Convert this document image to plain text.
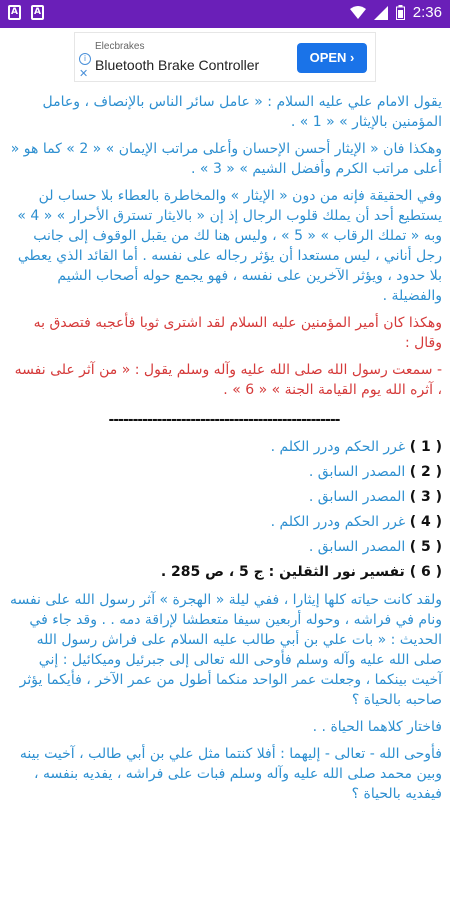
A	A	2:36
i
✕
Elecbrakes
Bluetooth Brake Controller	OPEN ›

يقول الامام علي عليه السلام : « عامل سائر الناس بالإنصاف ، وعامل المؤمنين بالإيثار » « 1 » .

وهكذا فان « الإيثار أحسن الإحسان وأعلى مراتب الإيمان » « 2 » كما هو « أعلى مراتب الكرم وأفضل الشيم » « 3 » .

وفي الحقيقة فإنه من دون « الإيثار » والمخاطرة بالعطاء بلا حساب لن يستطيع أحد أن يملك قلوب الرجال إذ إن « بالايثار تسترق الأحرار » « 4 » وبه « تملك الرقاب » « 5 » ، وليس هنا لك من يقبل الوقوف إلى جانب رجل أناني ، ليس مستعدا أن يؤثر رجاله على نفسه . أما القائد الذي يعطي بلا حدود ، ويؤثر الآخرين على نفسه ، فهو يجمع حوله أصحاب الشيم والفضيلة .

وهكذا كان أمير المؤمنين عليه السلام لقد اشترى ثوبا فأعجبه فتصدق به وقال :

- سمعت رسول الله صلى الله عليه وآله وسلم يقول : « من آثر على نفسه ، آثره الله يوم القيامة الجنة » « 6 » .

------------------------------------------------
( 1 ) غرر الحكم ودرر الكلم .
( 2 ) المصدر السابق .
( 3 ) المصدر السابق .
( 4 ) غرر الحكم ودرر الكلم .
( 5 ) المصدر السابق .
( 6 ) تفسير نور الثقلين : ج 5 ، ص 285 .

ولقد كانت حياته كلها إيثارا ، ففي ليلة « الهجرة » آثر رسول الله على نفسه ونام في فراشه ، وحوله أربعين سيفا متعطشا لإراقة دمه . . وقد جاء في الحديث : « بات علي بن أبي طالب عليه السلام على فراش رسول الله صلى الله عليه وآله وسلم فأوحى الله تعالى إلى جبرئيل وميكائيل : إني آخيت بينكما ، وجعلت عمر الواحد منكما أطول من عمر الآخر ، فأيكما يؤثر صاحبه بالحياة ؟

فاختار كلاهما الحياة . .

فأوحى الله - تعالى - إليهما : أفلا كنتما مثل علي بن أبي طالب ، آخيت بينه وبين محمد صلى الله عليه وآله وسلم فبات على فراشه ، يفديه بنفسه ، فيفديه بالحياة ؟
